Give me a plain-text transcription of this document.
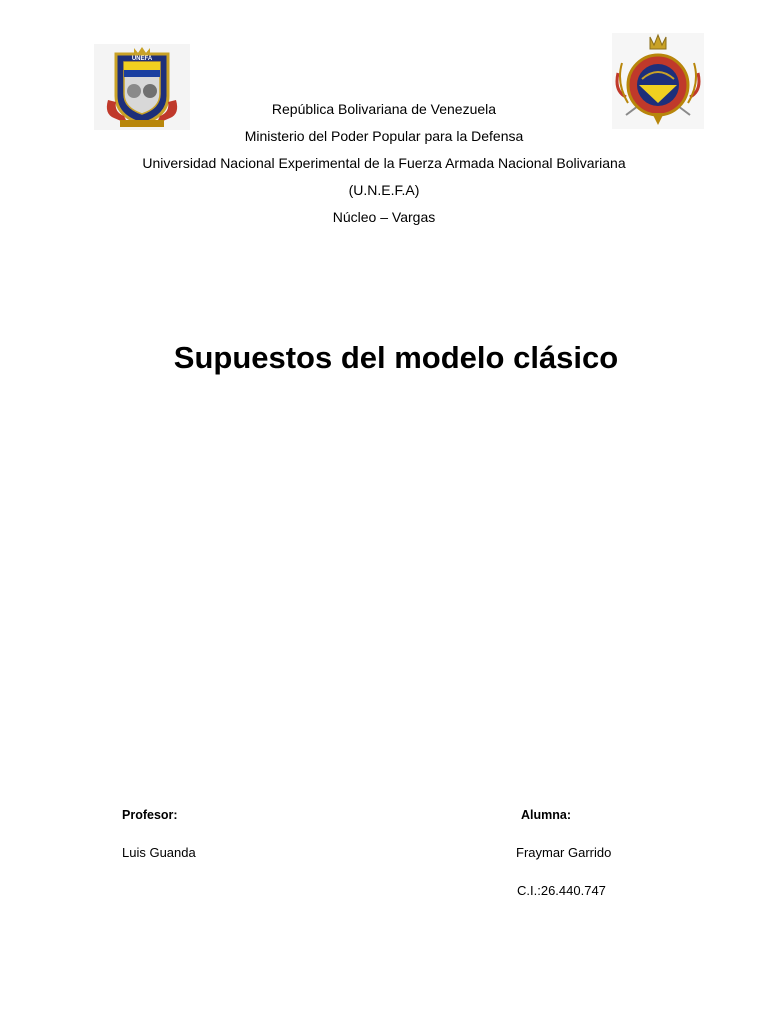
UNEFA
República Bolivariana de Venezuela
Ministerio del Poder Popular para la Defensa
Universidad Nacional Experimental de la Fuerza Armada Nacional Bolivariana
(U.N.E.F.A)
Núcleo – Vargas
Supuestos del modelo clásico
Profesor:
Luis Guanda
Alumna:
Fraymar Garrido
C.I.:26.440.747
